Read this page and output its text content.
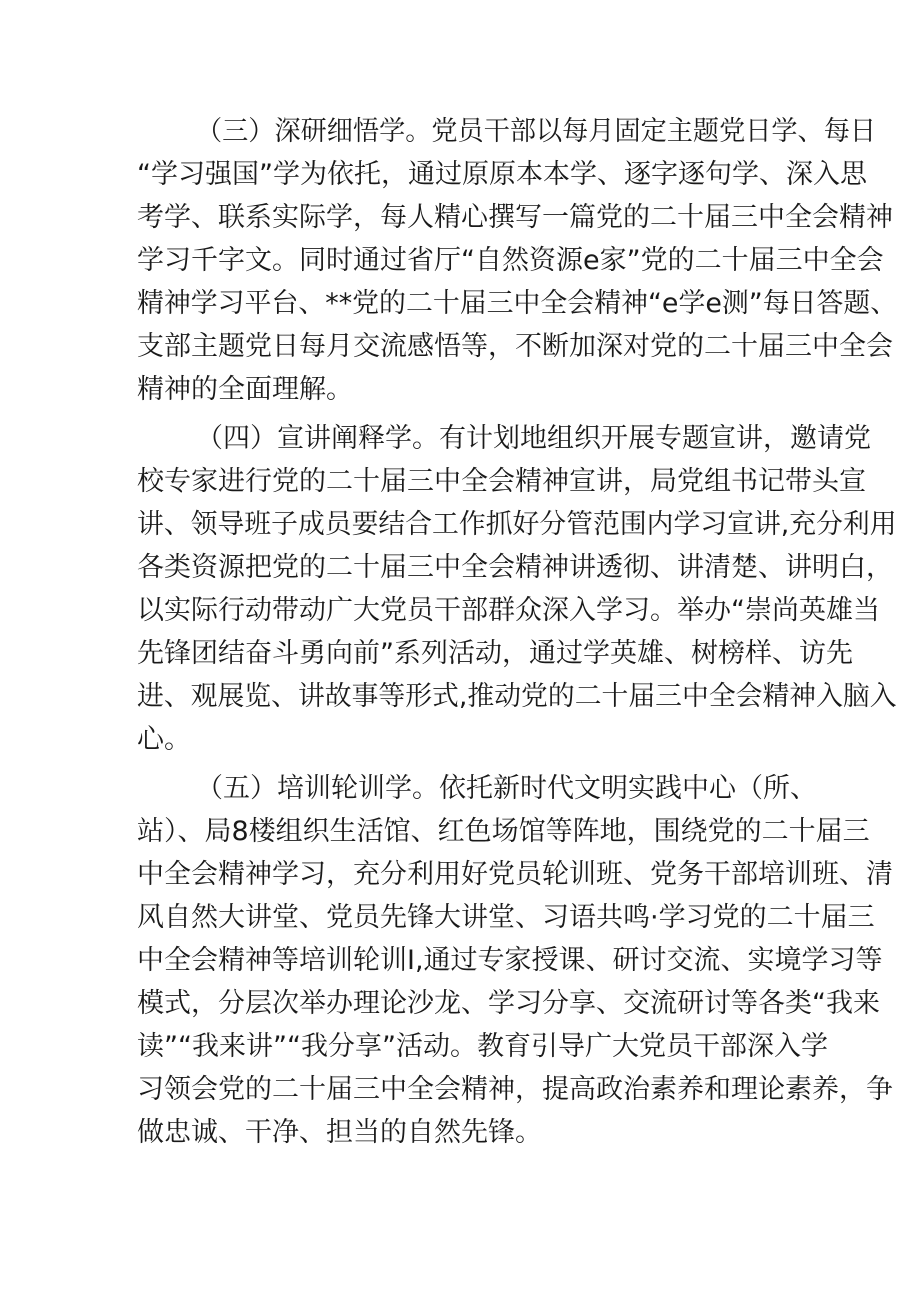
（三）深研细悟学。党员干部以每月固定主题党日学、每日
“学习强国”学为依托，通过原原本本学、逐字逐句学、深入思
考学、联系实际学，每人精心撰写一篇党的二十届三中全会精神
学习千字文。同时通过省厅“自然资源e家”党的二十届三中全会
精神学习平台、**党的二十届三中全会精神“e学e测”每日答题、
支部主题党日每月交流感悟等，不断加深对党的二十届三中全会
精神的全面理解。
（四）宣讲阐释学。有计划地组织开展专题宣讲，邀请党
校专家进行党的二十届三中全会精神宣讲，局党组书记带头宣
讲、领导班子成员要结合工作抓好分管范围内学习宣讲,充分利用
各类资源把党的二十届三中全会精神讲透彻、讲清楚、讲明白，
以实际行动带动广大党员干部群众深入学习。举办“崇尚英雄当
先锋团结奋斗勇向前”系列活动，通过学英雄、树榜样、访先
进、观展览、讲故事等形式,推动党的二十届三中全会精神入脑入
心。
（五）培训轮训学。依托新时代文明实践中心（所、
站）、局8楼组织生活馆、红色场馆等阵地，围绕党的二十届三
中全会精神学习，充分利用好党员轮训班、党务干部培训班、清
风自然大讲堂、党员先锋大讲堂、习语共鸣·学习党的二十届三
中全会精神等培训轮训I,通过专家授课、研讨交流、实境学习等
模式，分层次举办理论沙龙、学习分享、交流研讨等各类“我来
读”“我来讲”“我分享”活动。教育引导广大党员干部深入学
习领会党的二十届三中全会精神，提高政治素养和理论素养，争
做忠诚、干净、担当的自然先锋。
